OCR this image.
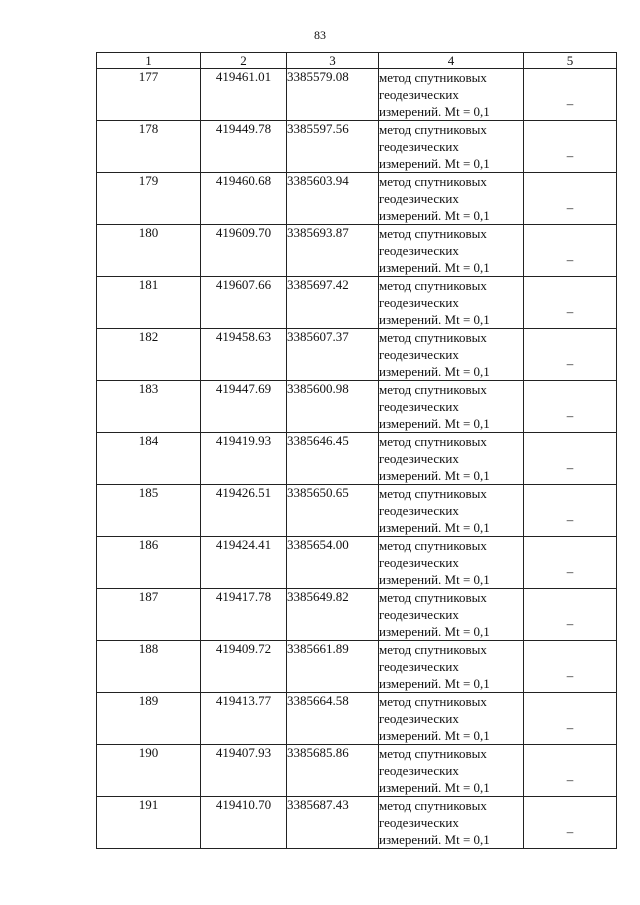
83
1	2	3	4	5
177	419461.01	3385579.08	метод спутниковых геодезических измерений. Mt = 0,1	–
178	419449.78	3385597.56	метод спутниковых геодезических измерений. Mt = 0,1	–
179	419460.68	3385603.94	метод спутниковых геодезических измерений. Mt = 0,1	–
180	419609.70	3385693.87	метод спутниковых геодезических измерений. Mt = 0,1	–
181	419607.66	3385697.42	метод спутниковых геодезических измерений. Mt = 0,1	–
182	419458.63	3385607.37	метод спутниковых геодезических измерений. Mt = 0,1	–
183	419447.69	3385600.98	метод спутниковых геодезических измерений. Mt = 0,1	–
184	419419.93	3385646.45	метод спутниковых геодезических измерений. Mt = 0,1	–
185	419426.51	3385650.65	метод спутниковых геодезических измерений. Mt = 0,1	–
186	419424.41	3385654.00	метод спутниковых геодезических измерений. Mt = 0,1	–
187	419417.78	3385649.82	метод спутниковых геодезических измерений. Mt = 0,1	–
188	419409.72	3385661.89	метод спутниковых геодезических измерений. Mt = 0,1	–
189	419413.77	3385664.58	метод спутниковых геодезических измерений. Mt = 0,1	–
190	419407.93	3385685.86	метод спутниковых геодезических измерений. Mt = 0,1	–
191	419410.70	3385687.43	метод спутниковых геодезических измерений. Mt = 0,1	–
